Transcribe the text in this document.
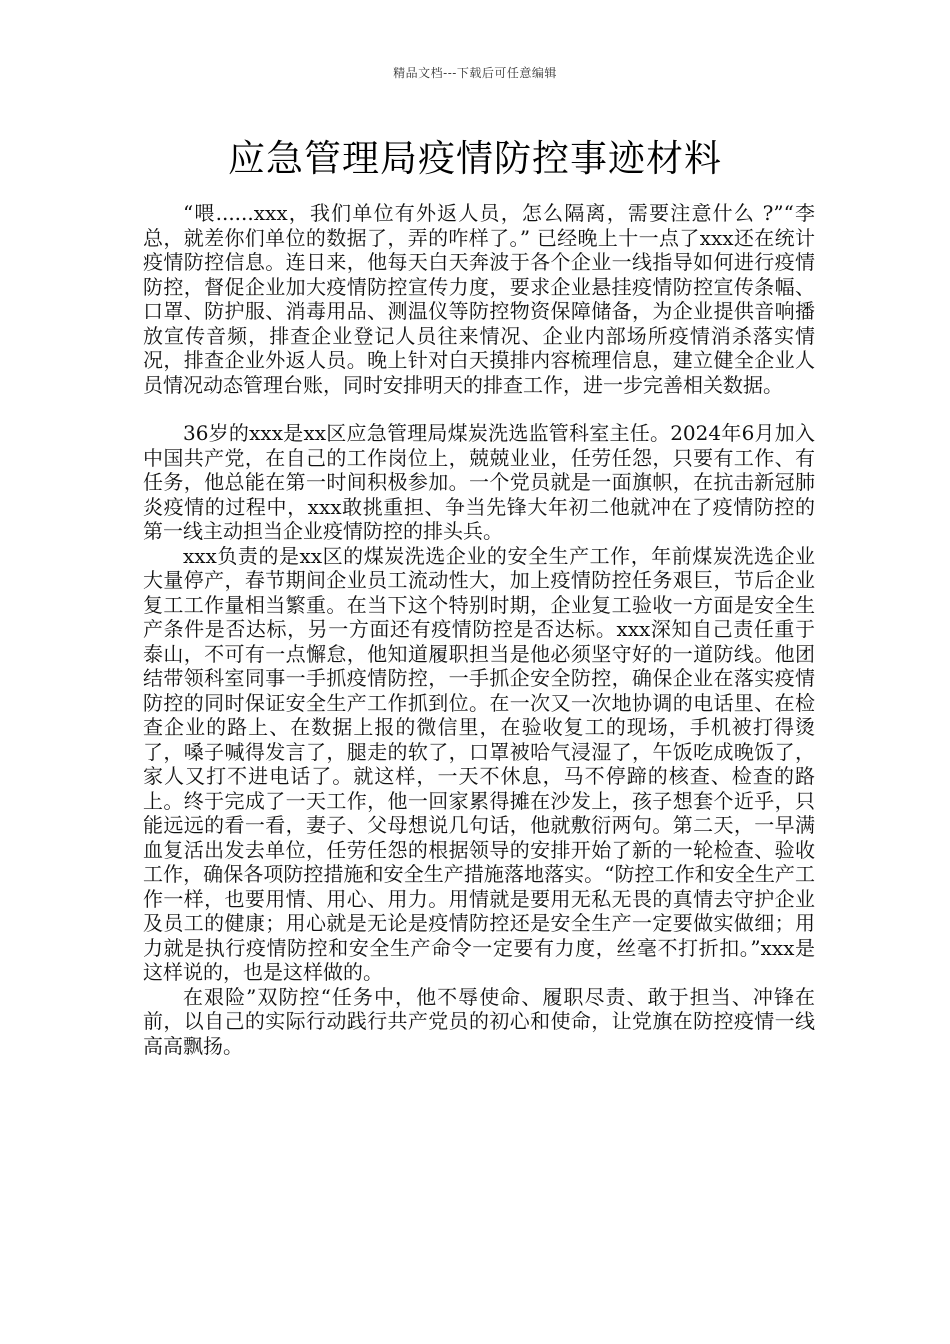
精品文档---下载后可任意编辑
应急管理局疫情防控事迹材料

“喂......xxx，我们单位有外返人员，怎么隔离，需要注意什么 ?”“李总，就差你们单位的数据了，弄的咋样了。” 已经晚上十一点了xxx还在统计疫情防控信息。连日来，他每天白天奔波于各个企业一线指导如何进行疫情防控，督促企业加大疫情防控宣传力度，要求企业悬挂疫情防控宣传条幅、口罩、防护服、消毒用品、测温仪等防控物资保障储备，为企业提供音响播放宣传音频，排查企业登记人员往来情况、企业内部场所疫情消杀落实情况，排查企业外返人员。晚上针对白天摸排内容梳理信息，建立健全企业人员情况动态管理台账，同时安排明天的排查工作，进一步完善相关数据。

36岁的xxx是xx区应急管理局煤炭洗选监管科室主任。2024年6月加入中国共产党，在自己的工作岗位上，兢兢业业，任劳任怨，只要有工作、有任务，他总能在第一时间积极参加。一个党员就是一面旗帜，在抗击新冠肺炎疫情的过程中，xxx敢挑重担、争当先锋大年初二他就冲在了疫情防控的第一线主动担当企业疫情防控的排头兵。

xxx负责的是xx区的煤炭洗选企业的安全生产工作，年前煤炭洗选企业大量停产，春节期间企业员工流动性大，加上疫情防控任务艰巨，节后企业复工工作量相当繁重。在当下这个特别时期，企业复工验收一方面是安全生产条件是否达标，另一方面还有疫情防控是否达标。xxx深知自己责任重于泰山，不可有一点懈怠，他知道履职担当是他必须坚守好的一道防线。他团结带领科室同事一手抓疫情防控，一手抓企安全防控，确保企业在落实疫情防控的同时保证安全生产工作抓到位。在一次又一次地协调的电话里、在检查企业的路上、在数据上报的微信里，在验收复工的现场，手机被打得烫了，嗓子喊得发言了，腿走的软了，口罩被哈气浸湿了，午饭吃成晚饭了，家人又打不进电话了。就这样，一天不休息，马不停蹄的核查、检查的路上。终于完成了一天工作，他一回家累得摊在沙发上，孩子想套个近乎，只能远远的看一看，妻子、父母想说几句话，他就敷衍两句。第二天，一早满血复活出发去单位，任劳任怨的根据领导的安排开始了新的一轮检查、验收工作，确保各项防控措施和安全生产措施落地落实。“防控工作和安全生产工作一样，也要用情、用心、用力。用情就是要用无私无畏的真情去守护企业及员工的健康；用心就是无论是疫情防控还是安全生产一定要做实做细；用力就是执行疫情防控和安全生产命令一定要有力度，丝毫不打折扣。”xxx是这样说的，也是这样做的。

在艰险”双防控“任务中，他不辱使命、履职尽责、敢于担当、冲锋在前，以自己的实际行动践行共产党员的初心和使命，让党旗在防控疫情一线高高飘扬。
